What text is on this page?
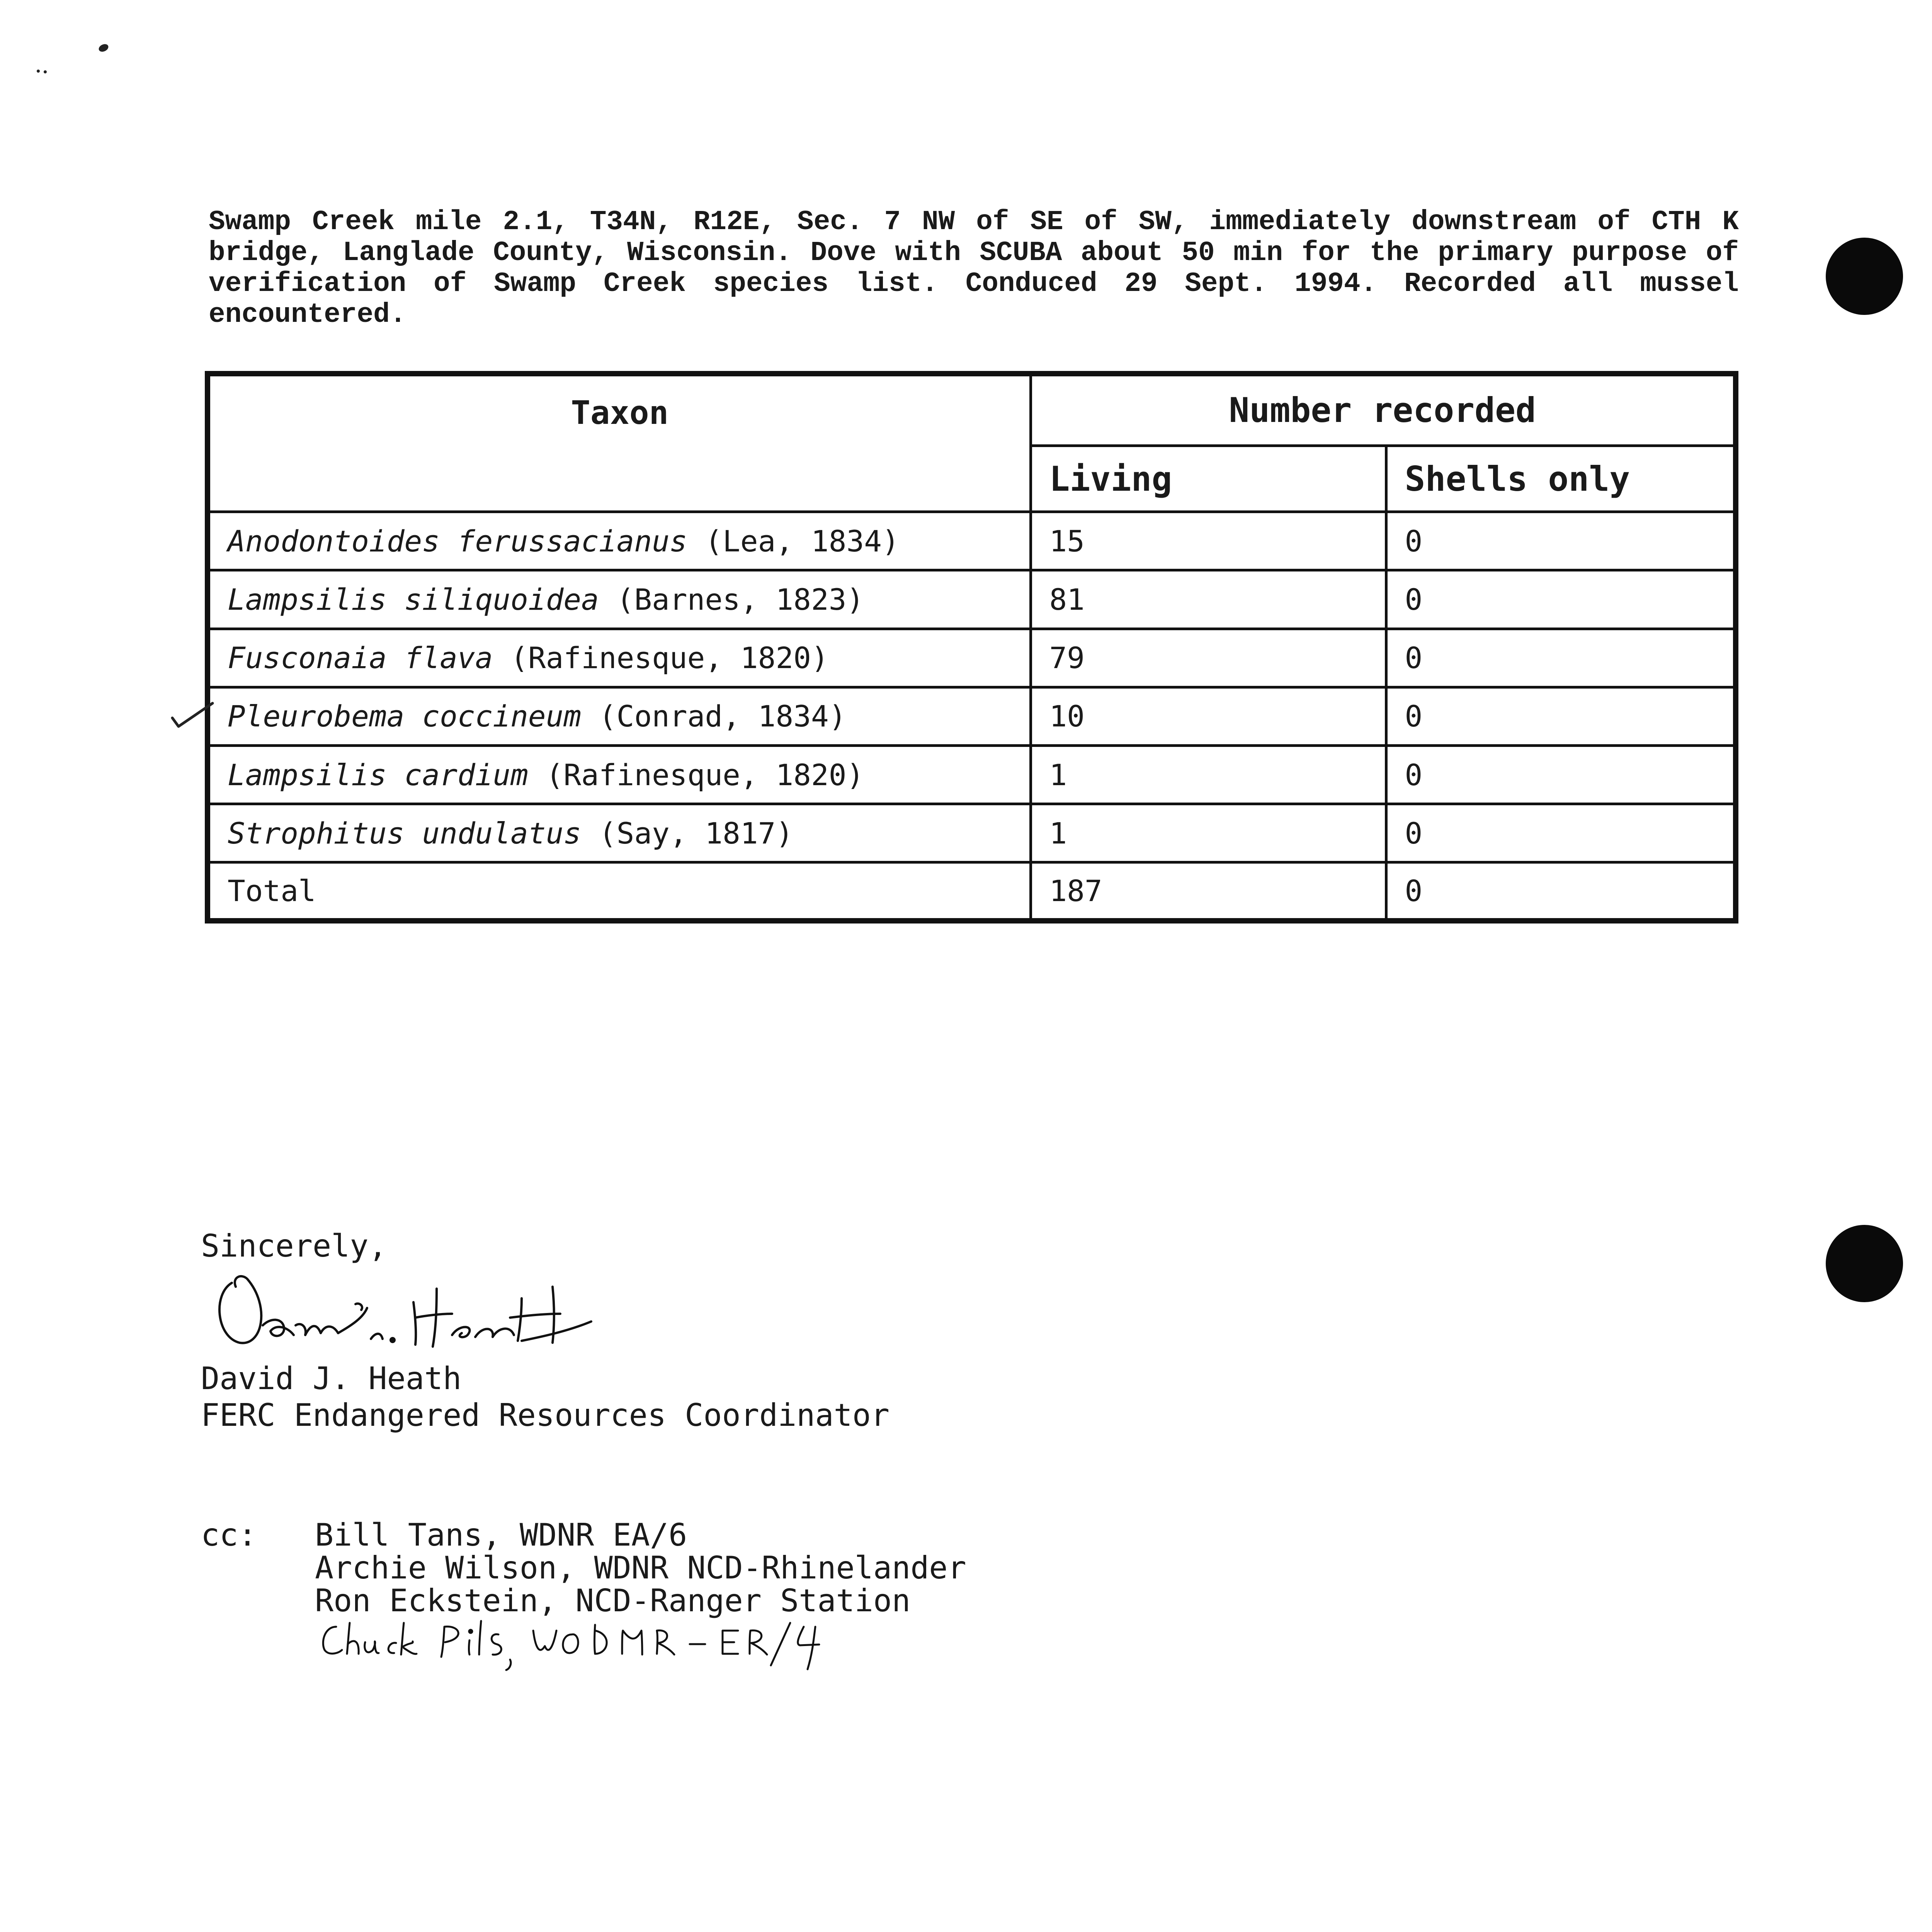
Swamp Creek mile 2.1, T34N, R12E, Sec. 7 NW of SE of SW, immediately downstream of CTH K bridge, Langlade County, Wisconsin. Dove with SCUBA about 50 min for the primary purpose of verification of Swamp Creek species list. Conduced 29 Sept. 1994. Recorded all mussel encountered.

Taxon	Number recorded	
	Living	Shells only
Anodontoides ferussacianus (Lea, 1834)	15	0
Lampsilis siliquoidea (Barnes, 1823)	81	0
Fusconaia flava (Rafinesque, 1820)	79	0
Pleurobema coccineum (Conrad, 1834)	10	0
Lampsilis cardium (Rafinesque, 1820)	1	0
Strophitus undulatus (Say, 1817)	1	0
Total	187	0

Sincerely,

David J. Heath
FERC Endangered Resources Coordinator
cc: Bill Tans, WDNR EA/6
Archie Wilson, WDNR NCD-Rhinelander
Ron Eckstein, NCD-Ranger Station
